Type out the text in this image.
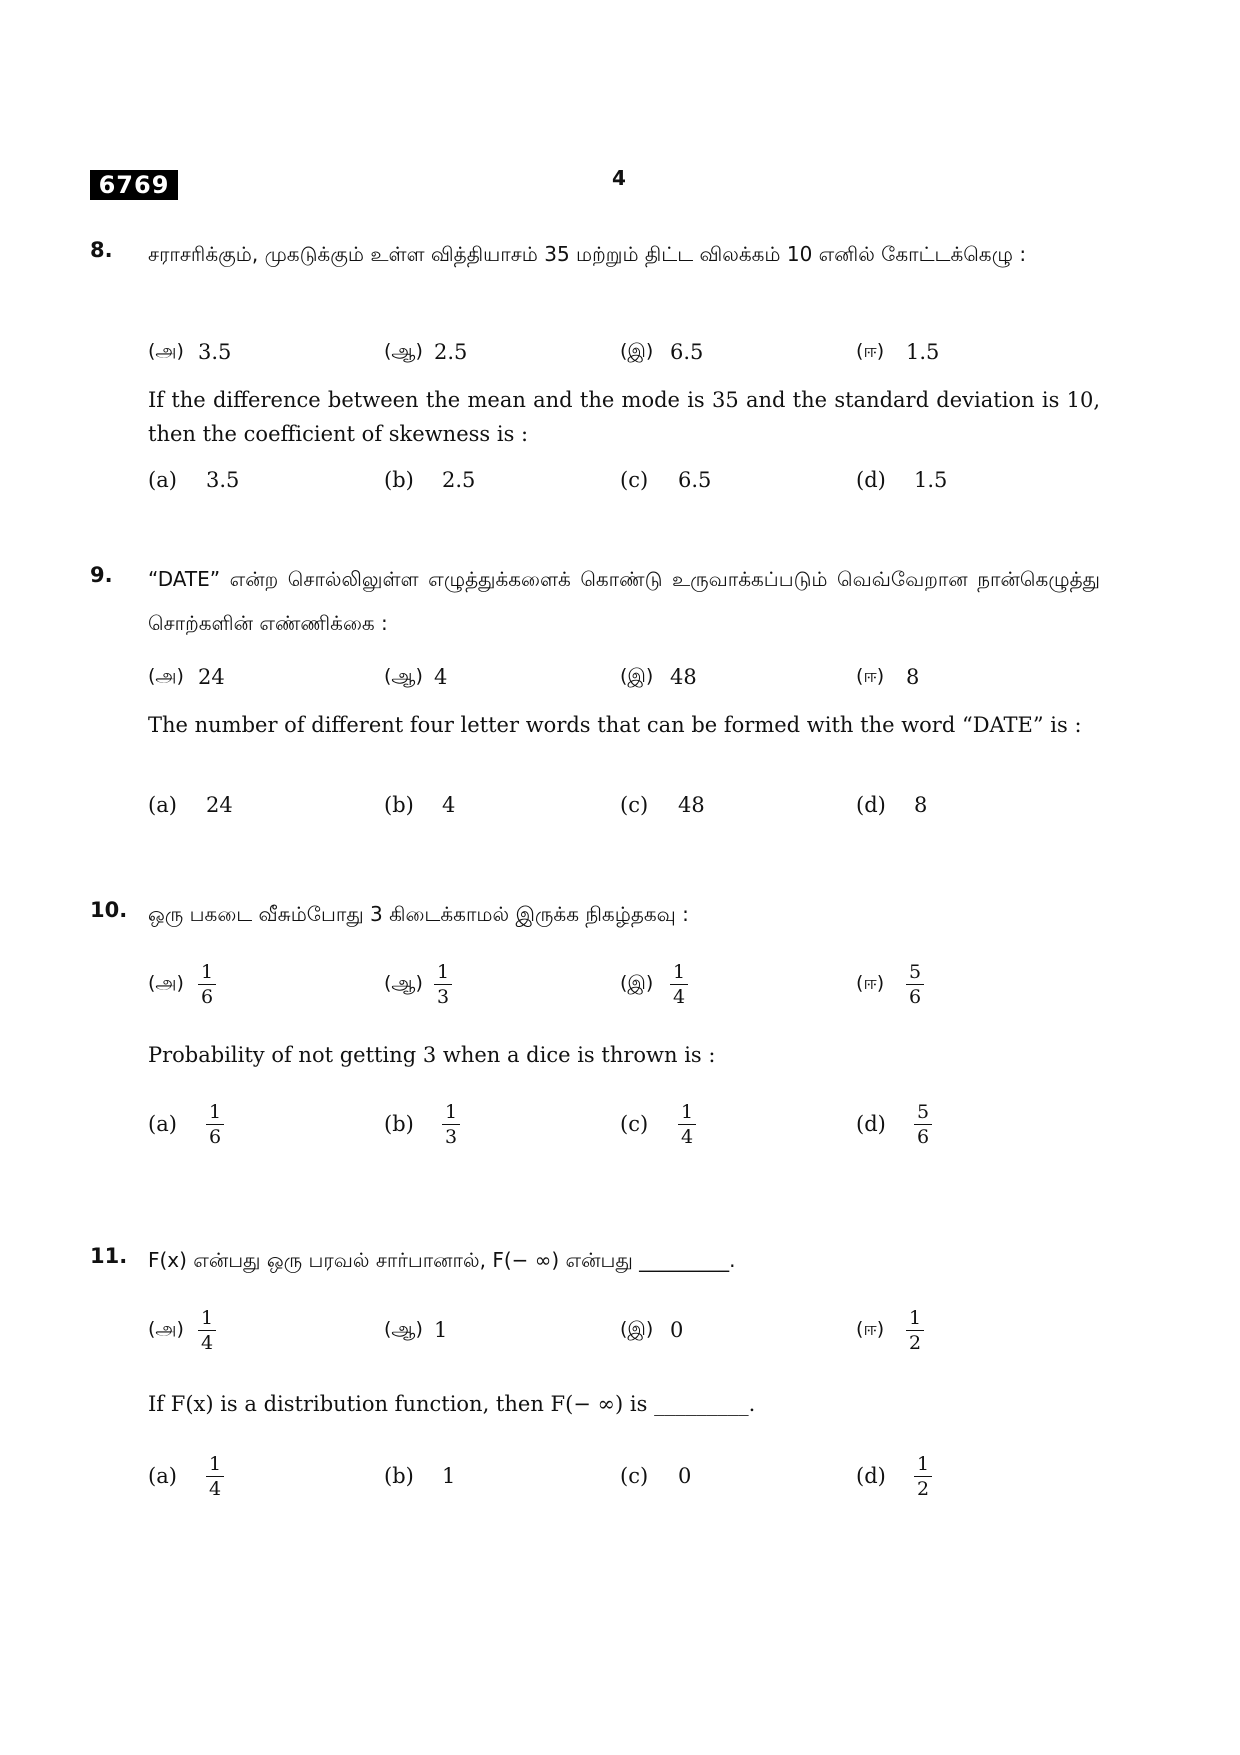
6769	4
8. சராசரிக்கும், முகடுக்கும் உள்ள வித்தியாசம் 35 மற்றும் திட்ட விலக்கம் 10 எனில் கோட்டக்கெழு :
(அ) 3.5	(ஆ) 2.5	(இ) 6.5	(ஈ)	1.5
If the difference between the mean and the mode is 35 and the standard deviation is 10, then the coefficient of skewness is :
(a)	3.5	(b)	2.5	(c)	6.5	(d)	1.5
9. “DATE” என்ற சொல்லிலுள்ள எழுத்துக்களைக் கொண்டு உருவாக்கப்படும் வெவ்வேறான நான்கெழுத்து சொற்களின் எண்ணிக்கை :
(அ) 24	(ஆ) 4	(இ) 48	(ஈ)	8
The number of different four letter words that can be formed with the word “DATE” is :
(a)	24	(b)	4	(c)	48	(d)	8
10. ஒரு பகடை வீசும்போது 3 கிடைக்காமல் இருக்க நிகழ்தகவு :
(அ) $\frac{1}{6}$	(ஆ) $\frac{1}{3}$	(இ) $\frac{1}{4}$	(ஈ)	$\frac{5}{6}$
Probability of not getting 3 when a dice is thrown is :
(a)	$\frac{1}{6}$	(b)	$\frac{1}{3}$	(c)	$\frac{1}{4}$	(d)	$\frac{5}{6}$
11. F(x) என்பது ஒரு பரவல் சார்பானால், F(− ∞) என்பது _________.
(அ) $\frac{1}{4}$	(ஆ) 1	(இ) 0	(ஈ)	$\frac{1}{2}$
If F(x) is a distribution function, then F(− ∞) is _________.
(a)	$\frac{1}{4}$	(b)	1	(c)	0	(d)	$\frac{1}{2}$
